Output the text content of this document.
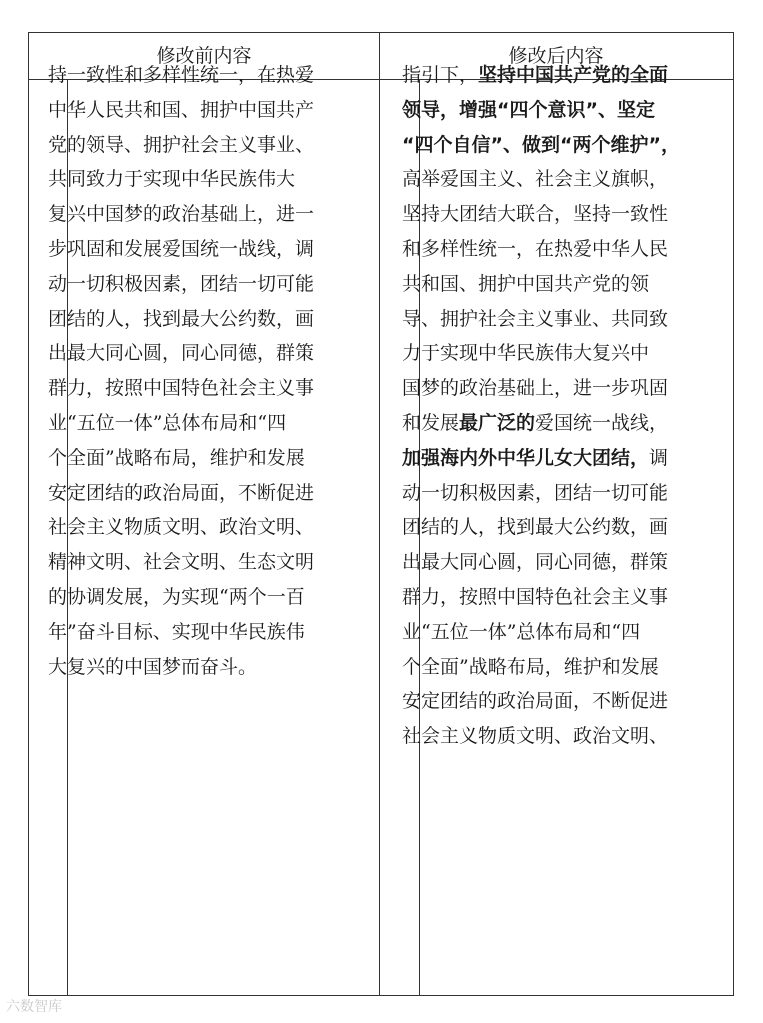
修改前内容	修改后内容
持一致性和多样性统一，在热爱
中华人民共和国、拥护中国共产
党的领导、拥护社会主义事业、
共同致力于实现中华民族伟大
复兴中国梦的政治基础上，进一
步巩固和发展爱国统一战线，调
动一切积极因素，团结一切可能
团结的人，找到最大公约数，画
出最大同心圆，同心同德，群策
群力，按照中国特色社会主义事
业“五位一体”总体布局和“四
个全面”战略布局，维护和发展
安定团结的政治局面，不断促进
社会主义物质文明、政治文明、
精神文明、社会文明、生态文明
的协调发展，为实现“两个一百
年”奋斗目标、实现中华民族伟
大复兴的中国梦而奋斗。
指引下，坚持中国共产党的全面
领导，增强“四个意识”、坚定
“四个自信”、做到“两个维护”，
高举爱国主义、社会主义旗帜，
坚持大团结大联合，坚持一致性
和多样性统一，在热爱中华人民
共和国、拥护中国共产党的领
导、拥护社会主义事业、共同致
力于实现中华民族伟大复兴中
国梦的政治基础上，进一步巩固
和发展最广泛的爱国统一战线，
加强海内外中华儿女大团结，调
动一切积极因素，团结一切可能
团结的人，找到最大公约数，画
出最大同心圆，同心同德，群策
群力，按照中国特色社会主义事
业“五位一体”总体布局和“四
个全面”战略布局，维护和发展
安定团结的政治局面，不断促进
社会主义物质文明、政治文明、
六数智库
